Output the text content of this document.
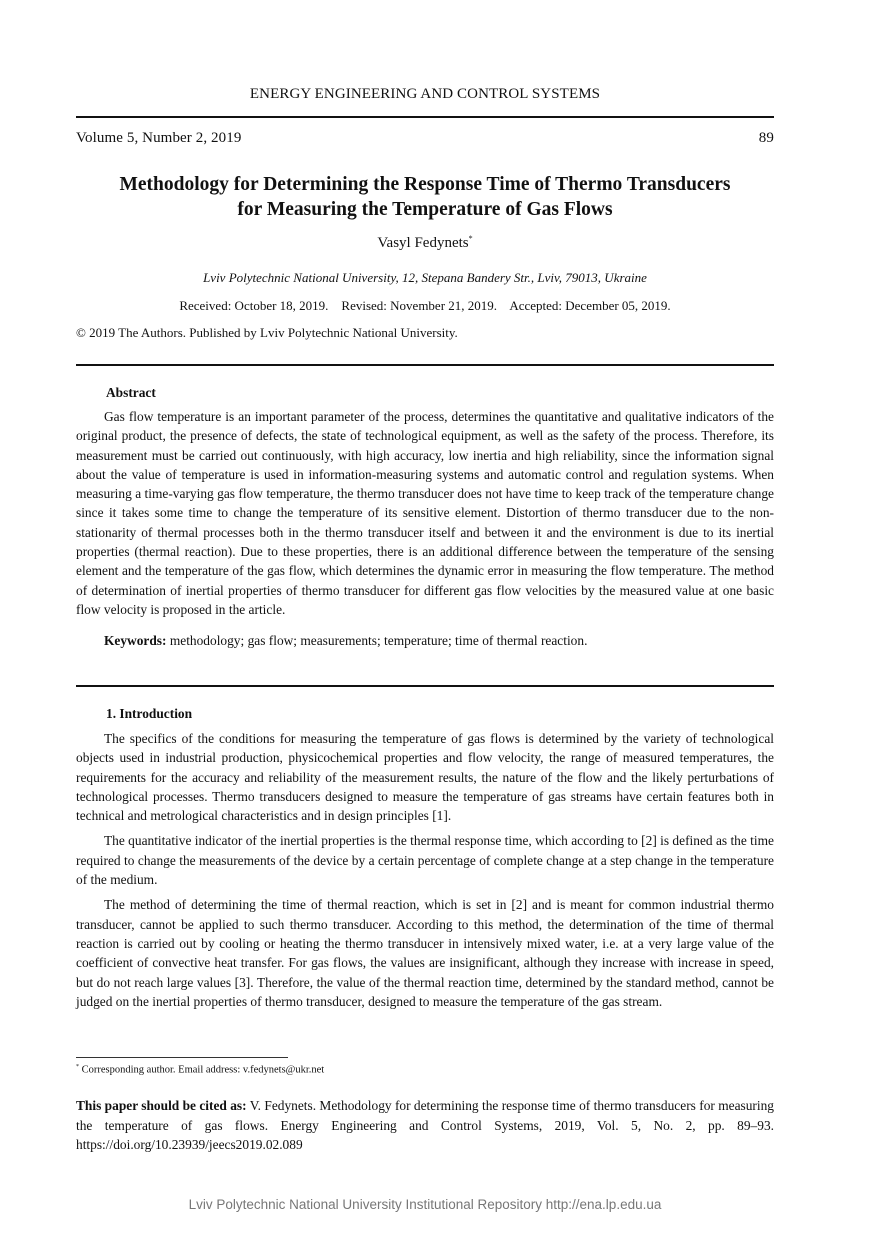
ENERGY ENGINEERING AND CONTROL SYSTEMS
Volume 5, Number 2, 2019	89
Methodology for Determining the Response Time of Thermo Transducers
for Measuring the Temperature of Gas Flows
Vasyl Fedynets*
Lviv Polytechnic National University, 12, Stepana Bandery Str., Lviv, 79013, Ukraine
Received: October 18, 2019.    Revised: November 21, 2019.    Accepted: December 05, 2019.
© 2019 The Authors. Published by Lviv Polytechnic National University.
Abstract

Gas flow temperature is an important parameter of the process, determines the quantitative and qualitative indicators of the original product, the presence of defects, the state of technological equipment, as well as the safety of the process. Therefore, its measurement must be carried out continuously, with high accuracy, low inertia and high reliability, since the information signal about the value of temperature is used in information-measuring systems and automatic control and regulation systems. When measuring a time-varying gas flow temperature, the thermo transducer does not have time to keep track of the temperature change since it takes some time to change the temperature of its sensitive element. Distortion of thermo transducer due to the non-stationarity of thermal processes both in the thermo transducer itself and between it and the environment is due to its inertial properties (thermal reaction). Due to these properties, there is an additional difference between the temperature of the sensing element and the temperature of the gas flow, which determines the dynamic error in measuring the flow temperature. The method of determination of inertial properties of thermo transducer for different gas flow velocities by the measured value at one basic flow velocity is proposed in the article.

Keywords: methodology; gas flow; measurements; temperature; time of thermal reaction.

1. Introduction

The specifics of the conditions for measuring the temperature of gas flows is determined by the variety of technological objects used in industrial production, physicochemical properties and flow velocity, the range of measured temperatures, the requirements for the accuracy and reliability of the measurement results, the nature of the flow and the likely perturbations of technological processes. Thermo transducers designed to measure the temperature of gas streams have certain features both in technical and metrological characteristics and in design principles [1].

The quantitative indicator of the inertial properties is the thermal response time, which according to [2] is defined as the time required to change the measurements of the device by a certain percentage of complete change at a step change in the temperature of the medium.

The method of determining the time of thermal reaction, which is set in [2] and is meant for common industrial thermo transducer, cannot be applied to such thermo transducer. According to this method, the determination of the time of thermal reaction is carried out by cooling or heating the thermo transducer in intensively mixed water, i.e. at a very large value of the coefficient of convective heat transfer. For gas flows, the values are insignificant, although they increase with increase in speed, but do not reach large values [3]. Therefore, the value of the thermal reaction time, determined by the standard method, cannot be judged on the inertial properties of thermo transducer, designed to measure the temperature of the gas stream.

* Corresponding author. Email address: v.fedynets@ukr.net
This paper should be cited as: V. Fedynets. Methodology for determining the response time of thermo transducers for measuring the temperature of gas flows. Energy Engineering and Control Systems, 2019, Vol. 5, No. 2, pp. 89–93. https://doi.org/10.23939/jeecs2019.02.089
Lviv Polytechnic National University Institutional Repository http://ena.lp.edu.ua
